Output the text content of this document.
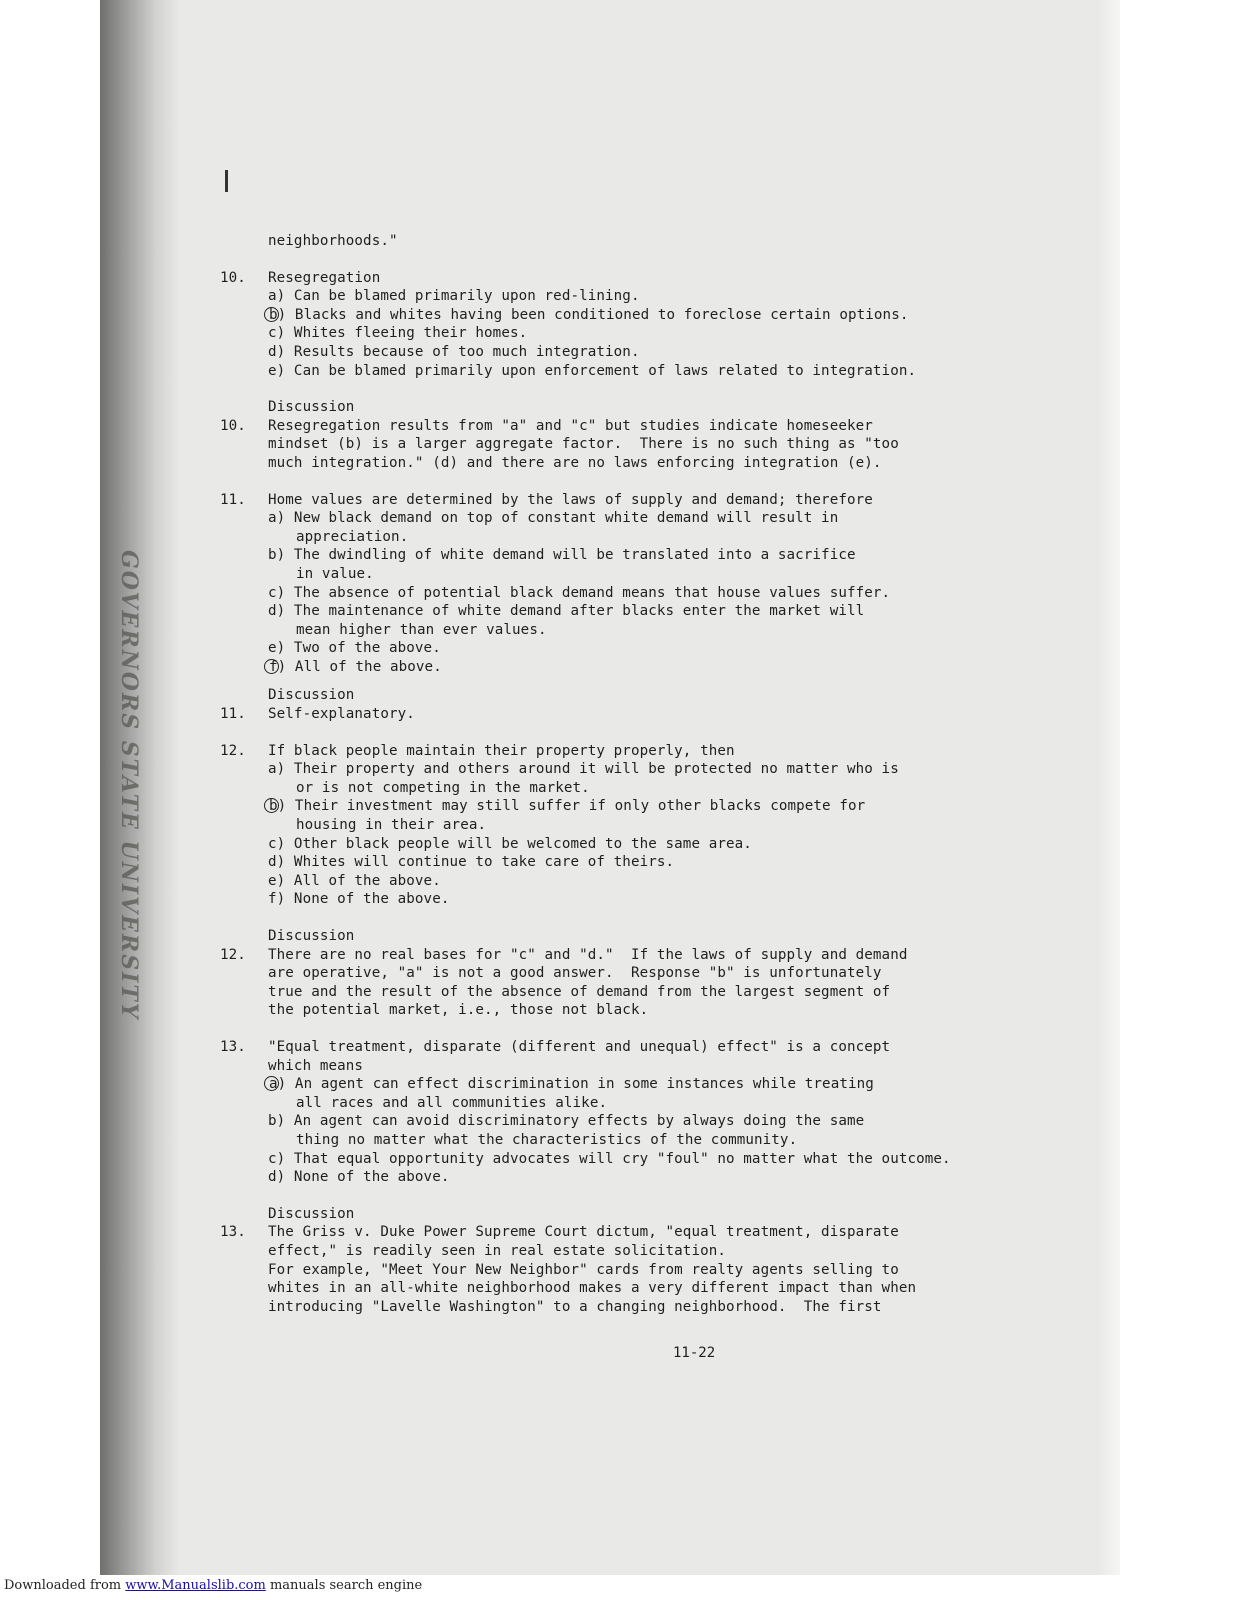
GOVERNORS STATE UNIVERSITY
neighborhoods."
10. Resegregation
a) Can be blamed primarily upon red-lining.
b) Blacks and whites having been conditioned to foreclose certain options.
c) Whites fleeing their homes.
d) Results because of too much integration.
e) Can be blamed primarily upon enforcement of laws related to integration.
Discussion
10. Resegregation results from "a" and "c" but studies indicate homeseeker
mindset (b) is a larger aggregate factor.  There is no such thing as "too
much integration." (d) and there are no laws enforcing integration (e).
11. Home values are determined by the laws of supply and demand; therefore
a) New black demand on top of constant white demand will result in
appreciation.
b) The dwindling of white demand will be translated into a sacrifice
in value.
c) The absence of potential black demand means that house values suffer.
d) The maintenance of white demand after blacks enter the market will
mean higher than ever values.
e) Two of the above.
f) All of the above.
Discussion
11. Self-explanatory.
12. If black people maintain their property properly, then
a) Their property and others around it will be protected no matter who is
or is not competing in the market.
b) Their investment may still suffer if only other blacks compete for
housing in their area.
c) Other black people will be welcomed to the same area.
d) Whites will continue to take care of theirs.
e) All of the above.
f) None of the above.
Discussion
12. There are no real bases for "c" and "d."  If the laws of supply and demand
are operative, "a" is not a good answer.  Response "b" is unfortunately
true and the result of the absence of demand from the largest segment of
the potential market, i.e., those not black.
13. "Equal treatment, disparate (different and unequal) effect" is a concept
which means
a) An agent can effect discrimination in some instances while treating
all races and all communities alike.
b) An agent can avoid discriminatory effects by always doing the same
thing no matter what the characteristics of the community.
c) That equal opportunity advocates will cry "foul" no matter what the outcome.
d) None of the above.
Discussion
13. The Griss v. Duke Power Supreme Court dictum, "equal treatment, disparate
effect," is readily seen in real estate solicitation.
For example, "Meet Your New Neighbor" cards from realty agents selling to
whites in an all-white neighborhood makes a very different impact than when
introducing "Lavelle Washington" to a changing neighborhood.  The first
11-22
Downloaded from www.Manualslib.com manuals search engine
